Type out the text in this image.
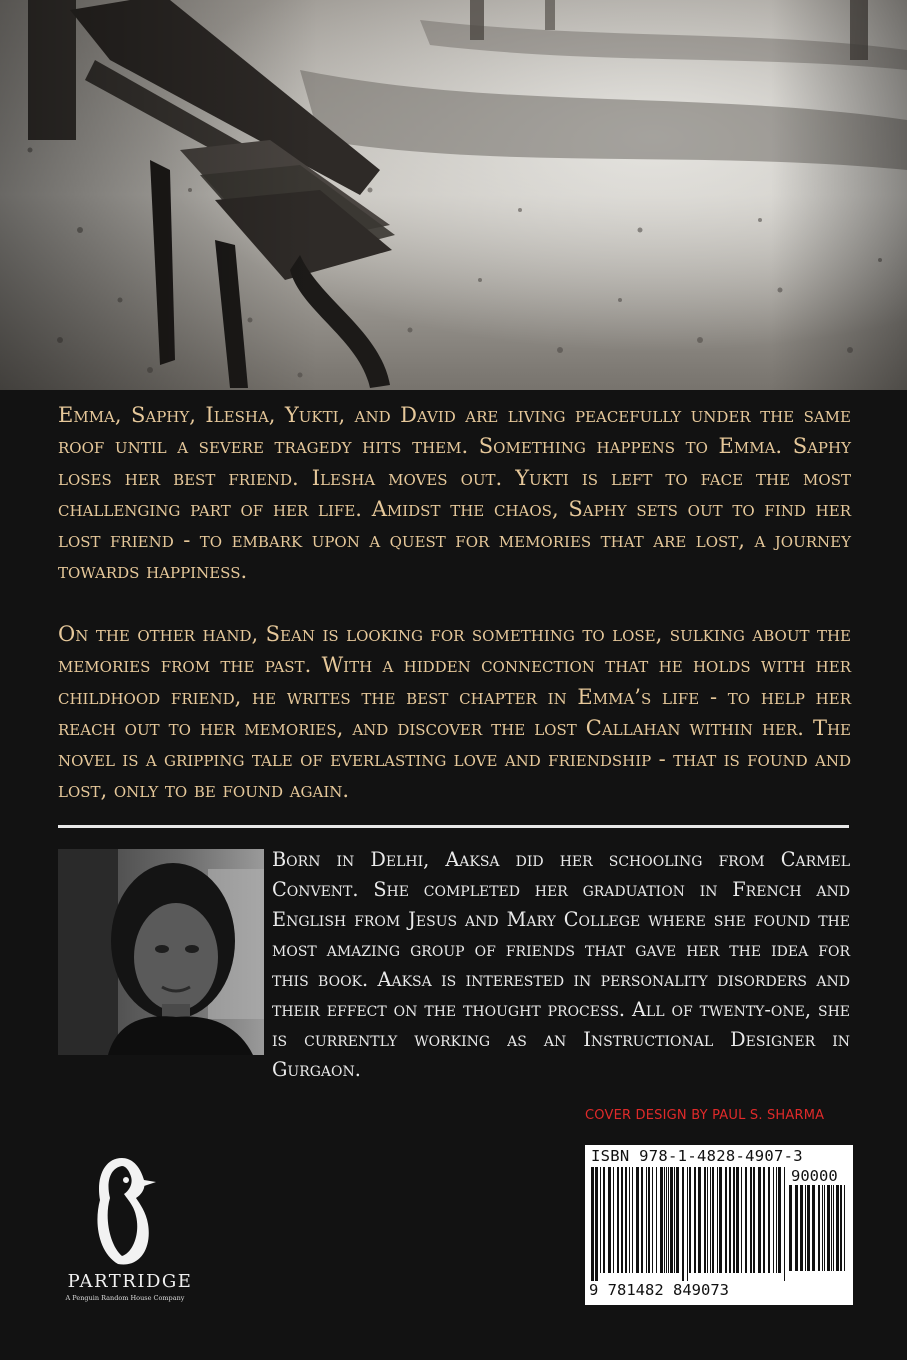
Emma, Saphy, Ilesha, Yukti, and David are living peacefully under the same roof until a severe tragedy hits them. Something happens to Emma. Saphy loses her best friend. Ilesha moves out. Yukti is left to face the most challenging part of her life. Amidst the chaos, Saphy sets out to find her lost friend - to embark upon a quest for memories that are lost, a journey towards happiness.

On the other hand, Sean is looking for something to lose, sulking about the memories from the past. With a hidden connection that he holds with her childhood friend, he writes the best chapter in Emma’s life - to help her reach out to her memories, and discover the lost Callahan within her. The novel is a gripping tale of everlasting love and friendship - that is found and lost, only to be found again.

Born in Delhi, Aaksa did her schooling from Carmel Convent. She completed her graduation in French and English from Jesus and Mary College where she found the most amazing group of friends that gave her the idea for this book. Aaksa is interested in personality disorders and their effect on the thought process. All of twenty-one, she is currently working as an Instructional Designer in Gurgaon.

COVER DESIGN BY PAUL S. SHARMA

PARTRIDGE

A Penguin Random House Company

ISBN 978-1-4828-4907-3

90000

9 781482 849073
